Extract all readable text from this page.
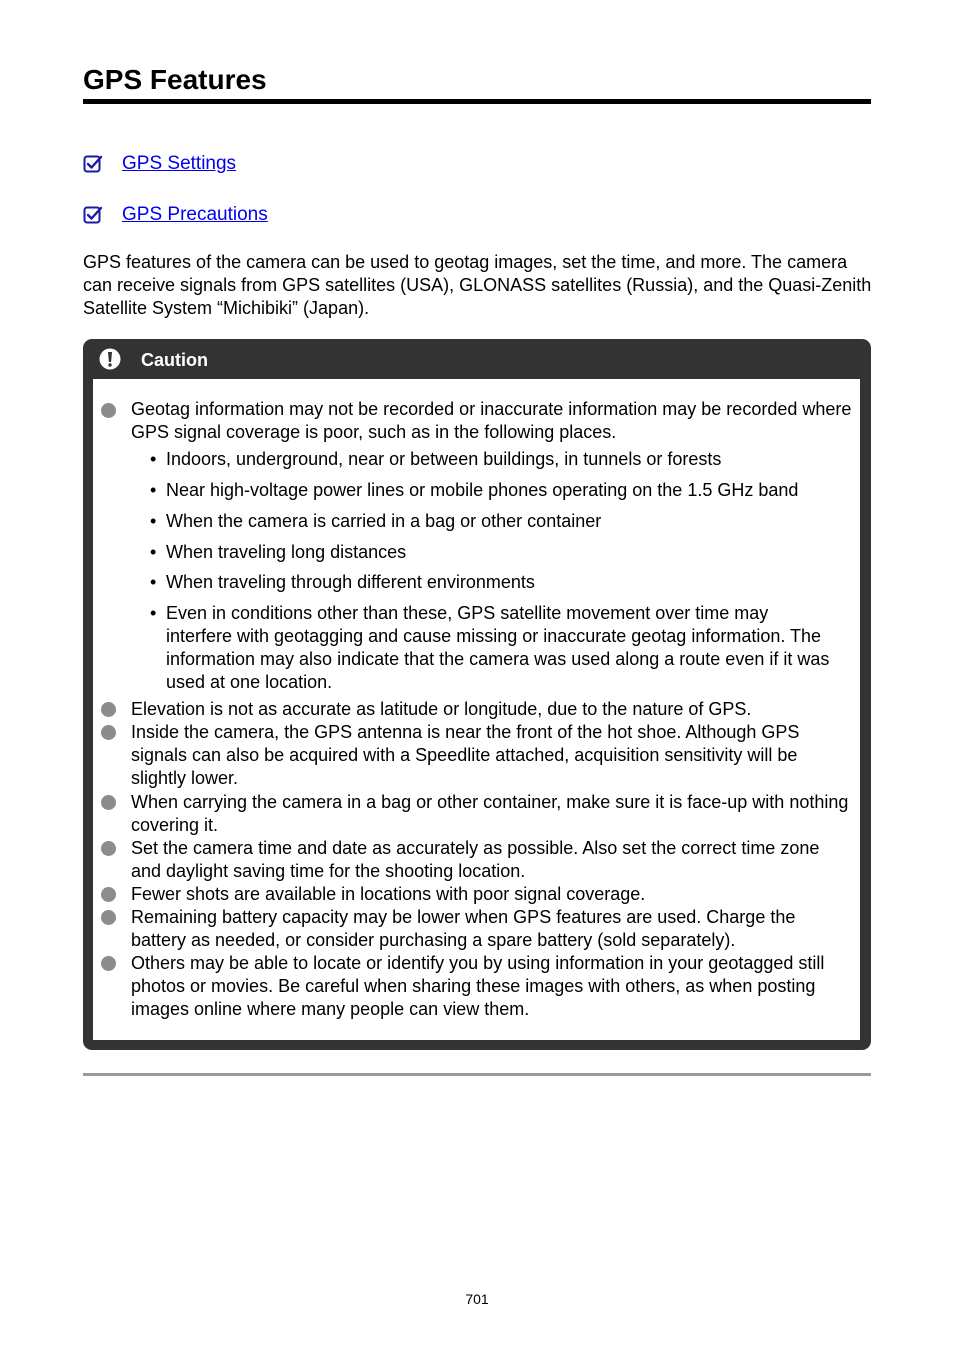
GPS Features
GPS Settings
GPS Precautions
GPS features of the camera can be used to geotag images, set the time, and more. The camera can receive signals from GPS satellites (USA), GLONASS satellites (Russia), and the Quasi-Zenith Satellite System “Michibiki” (Japan).
Caution
Geotag information may not be recorded or inaccurate information may be recorded where GPS signal coverage is poor, such as in the following places.
• Indoors, underground, near or between buildings, in tunnels or forests
• Near high-voltage power lines or mobile phones operating on the 1.5 GHz band
• When the camera is carried in a bag or other container
• When traveling long distances
• When traveling through different environments
• Even in conditions other than these, GPS satellite movement over time may interfere with geotagging and cause missing or inaccurate geotag information. The information may also indicate that the camera was used along a route even if it was used at one location.
Elevation is not as accurate as latitude or longitude, due to the nature of GPS.
Inside the camera, the GPS antenna is near the front of the hot shoe. Although GPS signals can also be acquired with a Speedlite attached, acquisition sensitivity will be slightly lower.
When carrying the camera in a bag or other container, make sure it is face-up with nothing covering it.
Set the camera time and date as accurately as possible. Also set the correct time zone and daylight saving time for the shooting location.
Fewer shots are available in locations with poor signal coverage.
Remaining battery capacity may be lower when GPS features are used. Charge the battery as needed, or consider purchasing a spare battery (sold separately).
Others may be able to locate or identify you by using information in your geotagged still photos or movies. Be careful when sharing these images with others, as when posting images online where many people can view them.
701
